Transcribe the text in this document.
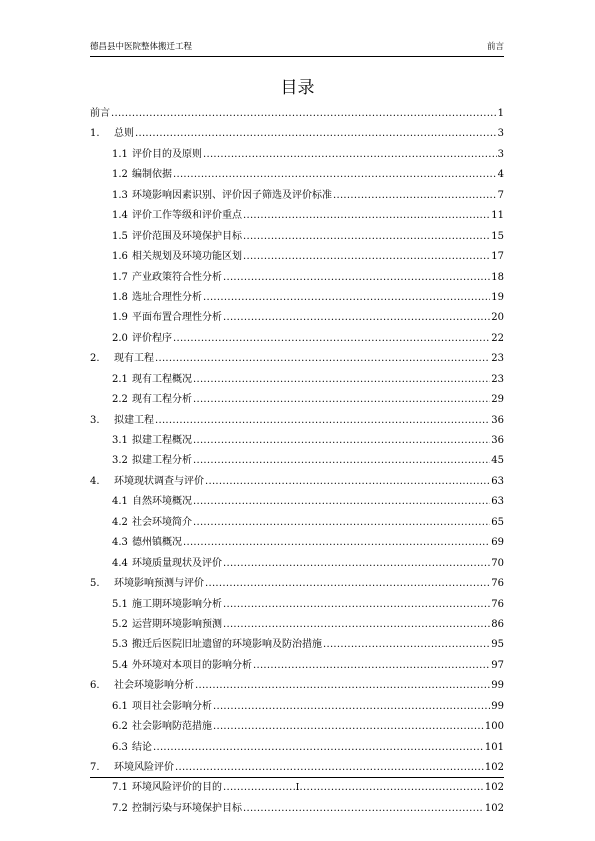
德昌县中医院整体搬迁工程	前言
目录
前言 .....	1
1.	总则 .....	3
1.1 评价目的及原则 .....	3
1.2 编制依据 .....	4
1.3 环境影响因素识别、评价因子筛选及评价标准 .....	7
1.4 评价工作等级和评价重点 .....	11
1.5 评价范围及环境保护目标 .....	15
1.6 相关规划及环境功能区划 .....	17
1.7 产业政策符合性分析 .....	18
1.8 选址合理性分析 .....	19
1.9 平面布置合理性分析 .....	20
2.0 评价程序 .....	22
2.	现有工程 .....	23
2.1 现有工程概况 .....	23
2.2 现有工程分析 .....	29
3.	拟建工程 .....	36
3.1 拟建工程概况 .....	36
3.2 拟建工程分析 .....	45
4.	环境现状调查与评价 .....	63
4.1 自然环境概况 .....	63
4.2 社会环境简介 .....	65
4.3 德州镇概况 .....	69
4.4 环境质量现状及评价 .....	70
5.	环境影响预测与评价 .....	76
5.1 施工期环境影响分析 .....	76
5.2 运营期环境影响预测 .....	86
5.3 搬迁后医院旧址遗留的环境影响及防治措施 .....	95
5.4 外环境对本项目的影响分析 .....	97
6.	社会环境影响分析 .....	99
6.1 项目社会影响分析 .....	99
6.2 社会影响防范措施 .....	100
6.3 结论 .....	101
7.	环境风险评价 .....	102
7.1 环境风险评价的目的 .....	102
7.2 控制污染与环境保护目标 .....	102
I
